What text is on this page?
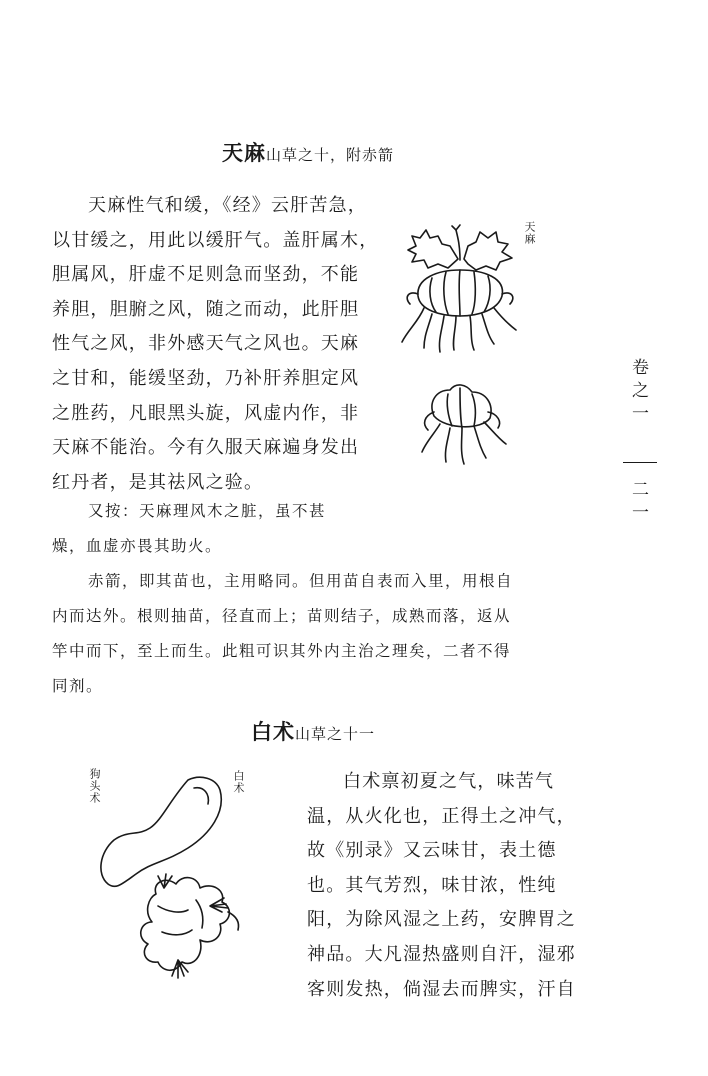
天麻山草之十，附赤箭
天麻性气和缓，《经》云肝苦急，
以甘缓之，用此以缓肝气。盖肝属木，
胆属风，肝虚不足则急而坚劲，不能
养胆，胆腑之风，随之而动，此肝胆
性气之风，非外感天气之风也。天麻
之甘和，能缓坚劲，乃补肝养胆定风
之胜药，凡眼黑头旋，风虚内作，非
天麻不能治。今有久服天麻遍身发出
红丹者，是其祛风之验。
又按：天麻理风木之脏，虽不甚
燥，血虚亦畏其助火。
赤箭，即其苗也，主用略同。但用苗自表而入里，用根自
内而达外。根则抽苗，径直而上；苗则结子，成熟而落，返从
竿中而下，至上而生。此粗可识其外内主治之理矣，二者不得
同剂。
天麻
白术山草之十一
白术禀初夏之气，味苦气
温，从火化也，正得土之冲气，
故《别录》又云味甘，表土德
也。其气芳烈，味甘浓，性纯
阳，为除风湿之上药，安脾胃之
神品。大凡湿热盛则自汗，湿邪
客则发热，倘湿去而脾实，汗自
狗头术	白术
卷之一
二一
